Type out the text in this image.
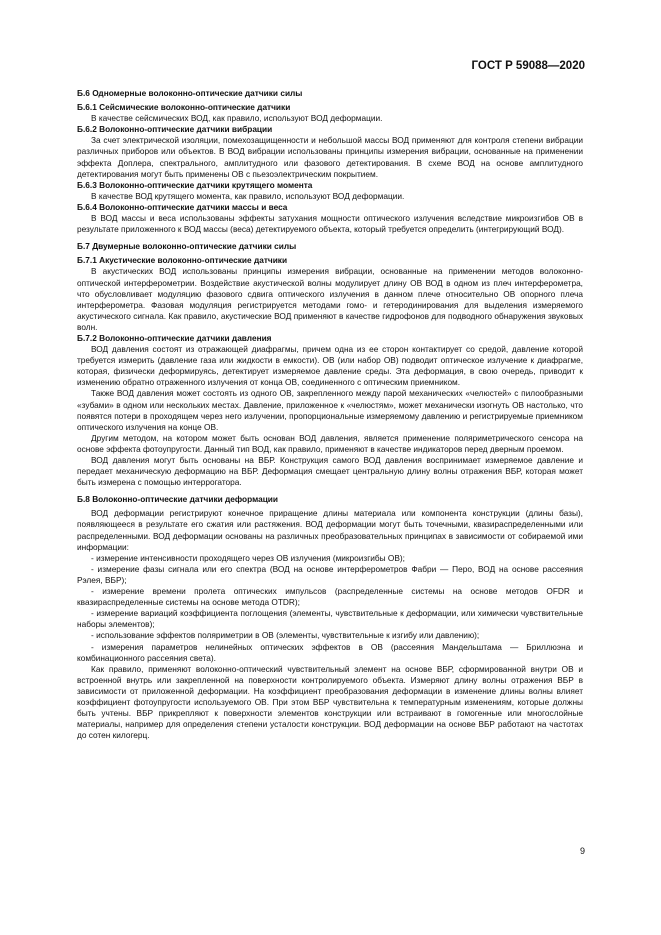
ГОСТ Р 59088—2020
Б.6 Одномерные волоконно-оптические датчики силы
Б.6.1 Сейсмические волоконно-оптические датчики

В качестве сейсмических ВОД, как правило, используют ВОД деформации.

Б.6.2 Волоконно-оптические датчики вибрации

За счет электрической изоляции, помехозащищенности и небольшой массы ВОД применяют для контроля степени вибрации различных приборов или объектов. В ВОД вибрации использованы принципы измерения вибрации, основанные на применении эффекта Доплера, спектрального, амплитудного или фазового детектирования. В схеме ВОД на основе амплитудного детектирования могут быть применены ОВ с пьезоэлектрическим покрытием.

Б.6.3 Волоконно-оптические датчики крутящего момента

В качестве ВОД крутящего момента, как правило, используют ВОД деформации.

Б.6.4 Волоконно-оптические датчики массы и веса

В ВОД массы и веса использованы эффекты затухания мощности оптического излучения вследствие микроизгибов ОВ в результате приложенного к ВОД массы (веса) детектируемого объекта, который требуется определить (интегрирующий ВОД).

Б.7 Двумерные волоконно-оптические датчики силы
Б.7.1 Акустические волоконно-оптические датчики

В акустических ВОД использованы принципы измерения вибрации, основанные на применении методов волоконно-оптической интерферометрии. Воздействие акустической волны модулирует длину ОВ ВОД в одном из плеч интерферометра, что обусловливает модуляцию фазового сдвига оптического излучения в данном плече относительно ОВ опорного плеча интерферометра. Фазовая модуляция регистрируется методами гомо- и гетеродинирования для выделения измеряемого акустического сигнала. Как правило, акустические ВОД применяют в качестве гидрофонов для подводного обнаружения звуковых волн.

Б.7.2 Волоконно-оптические датчики давления

ВОД давления состоят из отражающей диафрагмы, причем одна из ее сторон контактирует со средой, давление которой требуется измерить (давление газа или жидкости в емкости). ОВ (или набор ОВ) подводит оптическое излучение к диафрагме, которая, физически деформируясь, детектирует измеряемое давление среды. Эта деформация, в свою очередь, приводит к изменению обратно отраженного излучения от конца ОВ, соединенного с оптическим приемником.

Также ВОД давления может состоять из одного ОВ, закрепленного между парой механических «челюстей» с пилообразными «зубами» в одном или нескольких местах. Давление, приложенное к «челюстям», может механически изогнуть ОВ настолько, что появятся потери в проходящем через него излучении, пропорциональные измеряемому давлению и регистрируемые приемником оптического излучения на конце ОВ.

Другим методом, на котором может быть основан ВОД давления, является применение поляриметрического сенсора на основе эффекта фотоупругости. Данный тип ВОД, как правило, применяют в качестве индикаторов перед дверным проемом.

ВОД давления могут быть основаны на ВБР. Конструкция самого ВОД давления воспринимает измеряемое давление и передает механическую деформацию на ВБР. Деформация смещает центральную длину волны отражения ВБР, которая может быть измерена с помощью интеррогатора.

Б.8 Волоконно-оптические датчики деформации

ВОД деформации регистрируют конечное приращение длины материала или компонента конструкции (длины базы), появляющееся в результате его сжатия или растяжения. ВОД деформации могут быть точечными, квазираспределенными или распределенными. ВОД деформации основаны на различных преобразовательных принципах в зависимости от собираемой ими информации:

- измерение интенсивности проходящего через ОВ излучения (микроизгибы ОВ);

- измерение фазы сигнала или его спектра (ВОД на основе интерферометров Фабри — Перо, ВОД на основе рассеяния Рэлея, ВБР);

- измерение времени пролета оптических импульсов (распределенные системы на основе методов OFDR и квазираспределенные системы на основе метода OTDR);

- измерение вариаций коэффициента поглощения (элементы, чувствительные к деформации, или химически чувствительные наборы элементов);

- использование эффектов поляриметрии в ОВ (элементы, чувствительные к изгибу или давлению);

- измерения параметров нелинейных оптических эффектов в ОВ (рассеяния Мандельштама — Бриллюэна и комбинационного рассеяния света).

Как правило, применяют волоконно-оптический чувствительный элемент на основе ВБР, сформированной внутри ОВ и встроенной внутрь или закрепленной на поверхности контролируемого объекта. Измеряют длину волны отражения ВБР в зависимости от приложенной деформации. На коэффициент преобразования деформации в изменение длины волны влияет коэффициент фотоупругости используемого ОВ. При этом ВБР чувствительна к температурным изменениям, которые должны быть учтены. ВБР прикрепляют к поверхности элементов конструкции или встраивают в гомогенные или многослойные материалы, например для определения степени усталости конструкции. ВОД деформации на основе ВБР работают на частотах до сотен килогерц.

9
